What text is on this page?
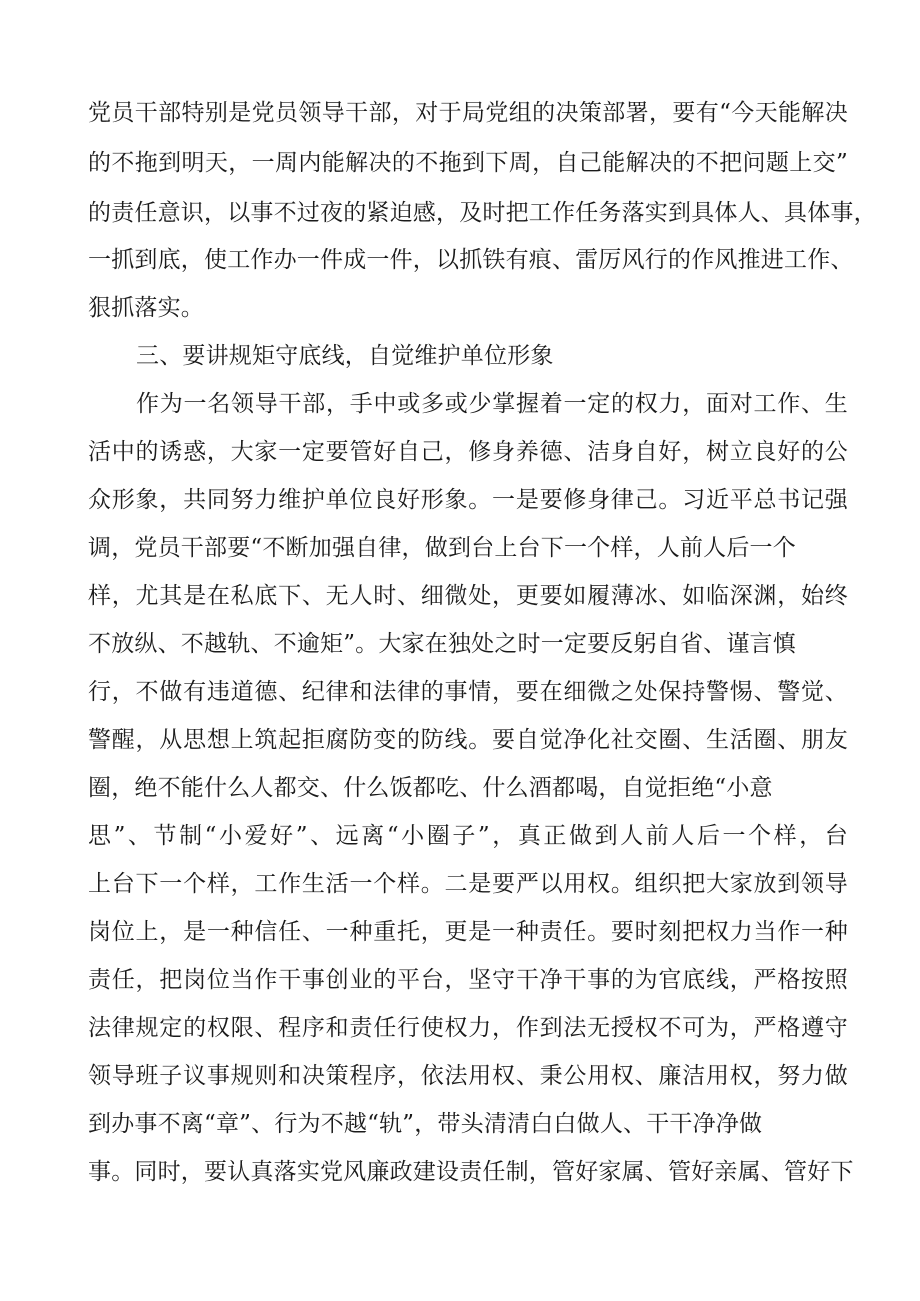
党员干部特别是党员领导干部，对于局党组的决策部署，要有“今天能解决
的不拖到明天，一周内能解决的不拖到下周，自己能解决的不把问题上交”
的责任意识，以事不过夜的紧迫感，及时把工作任务落实到具体人、具体事，
一抓到底，使工作办一件成一件，以抓铁有痕、雷厉风行的作风推进工作、
狠抓落实。
三、要讲规矩守底线，自觉维护单位形象
作为一名领导干部，手中或多或少掌握着一定的权力，面对工作、生
活中的诱惑，大家一定要管好自己，修身养德、洁身自好，树立良好的公
众形象，共同努力维护单位良好形象。一是要修身律己。习近平总书记强
调，党员干部要“不断加强自律，做到台上台下一个样，人前人后一个
样，尤其是在私底下、无人时、细微处，更要如履薄冰、如临深渊，始终
不放纵、不越轨、不逾矩”。大家在独处之时一定要反躬自省、谨言慎
行，不做有违道德、纪律和法律的事情，要在细微之处保持警惕、警觉、
警醒，从思想上筑起拒腐防变的防线。要自觉净化社交圈、生活圈、朋友
圈，绝不能什么人都交、什么饭都吃、什么酒都喝，自觉拒绝“小意
思”、节制“小爱好”、远离“小圈子”，真正做到人前人后一个样，台
上台下一个样，工作生活一个样。二是要严以用权。组织把大家放到领导
岗位上，是一种信任、一种重托，更是一种责任。要时刻把权力当作一种
责任，把岗位当作干事创业的平台，坚守干净干事的为官底线，严格按照
法律规定的权限、程序和责任行使权力，作到法无授权不可为，严格遵守
领导班子议事规则和决策程序，依法用权、秉公用权、廉洁用权，努力做
到办事不离“章”、行为不越“轨”，带头清清白白做人、干干净净做
事。同时，要认真落实党风廉政建设责任制，管好家属、管好亲属、管好下
